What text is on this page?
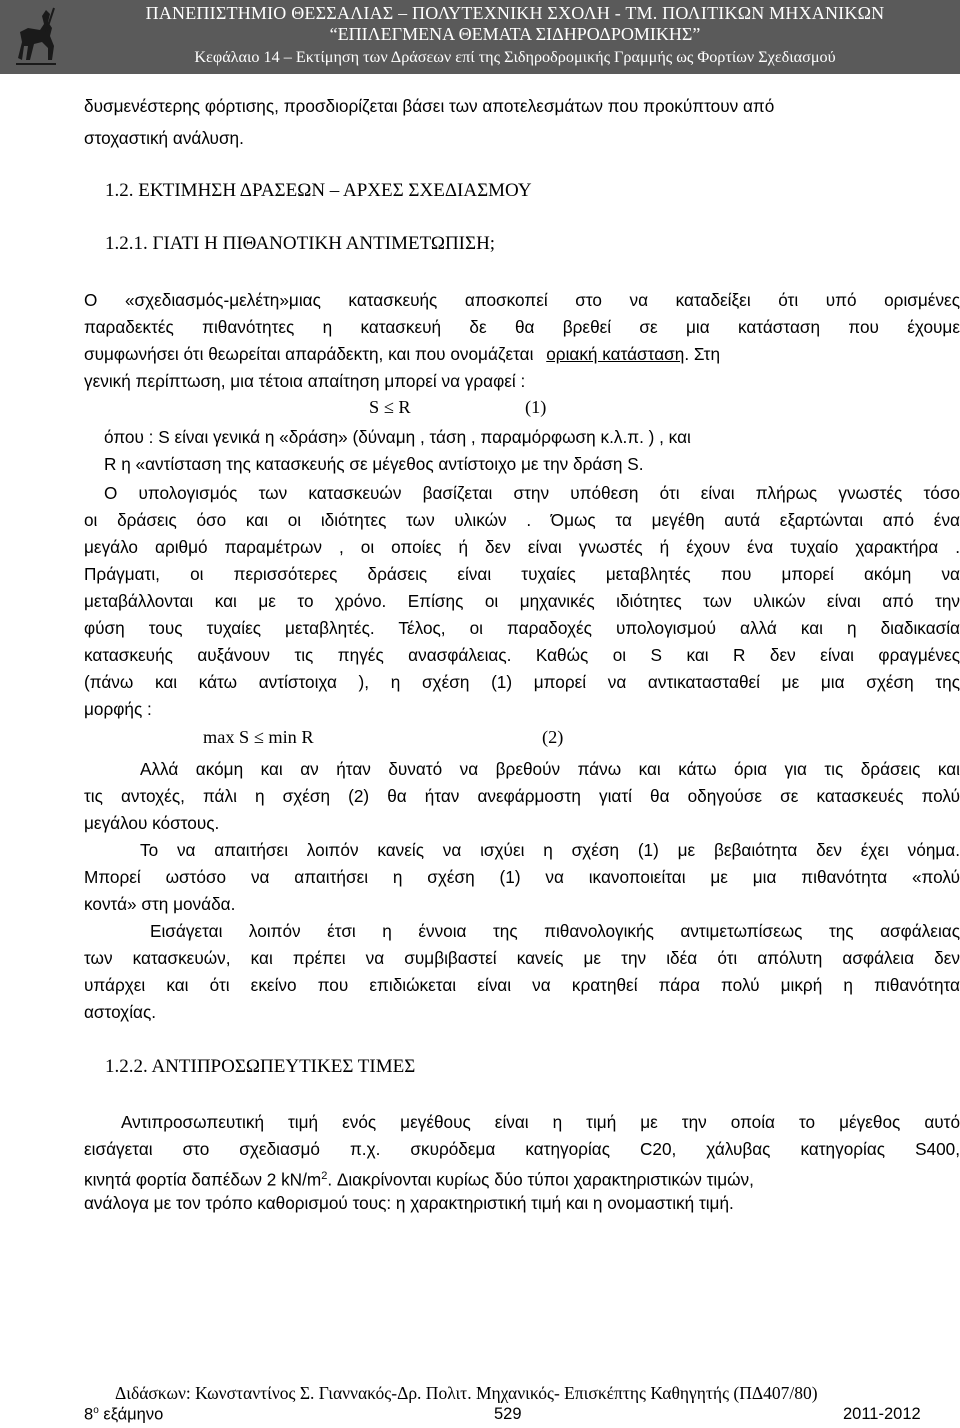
ΠΑΝΕΠΙΣΤΗΜΙΟ ΘΕΣΣΑΛΙΑΣ – ΠΟΛΥΤΕΧΝΙΚΗ ΣΧΟΛΗ - ΤΜ. ΠΟΛΙΤΙΚΩΝ ΜΗΧΑΝΙΚΩΝ
“ΕΠΙΛΕΓΜΕΝΑ ΘΕΜΑΤΑ ΣΙΔΗΡΟΔΡΟΜΙΚΗΣ”
Κεφάλαιο 14 – Εκτίμηση των Δράσεων επί της Σιδηροδρομικής Γραμμής ως Φορτίων Σχεδιασμού
δυσμενέστερης φόρτισης, προσδιορίζεται βάσει των αποτελεσμάτων που προκύπτουν από
στοχαστική ανάλυση.
1.2. ΕΚΤΙΜΗΣΗ ΔΡΑΣΕΩΝ – ΑΡΧΕΣ ΣΧΕΔΙΑΣΜΟΥ
1.2.1. ΓΙΑΤΙ Η ΠΙΘΑΝΟΤΙΚΗ ΑΝΤΙΜΕΤΩΠΙΣΗ;
Ο «σχεδιασμός-μελέτη»μιας κατασκευής αποσκοπεί στο να καταδείξει ότι υπό ορισμένες
παραδεκτές πιθανότητες η κατασκευή δε θα βρεθεί σε μια κατάσταση που έχουμε
συμφωνήσει ότι θεωρείται απαράδεκτη, και που ονομάζεται οριακή κατάσταση. Στη
γενική περίπτωση, μια τέτοια απαίτηση μπορεί να γραφεί :
S ≤ R	(1)
όπου : S είναι γενικά η «δράση» (δύναμη , τάση , παραμόρφωση κ.λ.π. ) , και
R η «αντίσταση της κατασκευής σε μέγεθος αντίστοιχο με την δράση S.
Ο υπολογισμός των κατασκευών βασίζεται στην υπόθεση ότι είναι πλήρως γνωστές τόσο
οι δράσεις όσο και οι ιδιότητες των υλικών . Όμως τα μεγέθη αυτά εξαρτώνται από ένα
μεγάλο αριθμό παραμέτρων , οι οποίες ή δεν είναι γνωστές ή έχουν ένα τυχαίο χαρακτήρα .
Πράγματι, οι περισσότερες δράσεις είναι τυχαίες μεταβλητές που μπορεί ακόμη να
μεταβάλλονται και με το χρόνο. Επίσης οι μηχανικές ιδιότητες των υλικών είναι από την
φύση τους τυχαίες μεταβλητές. Τέλος, οι παραδοχές υπολογισμού αλλά και η διαδικασία
κατασκευής αυξάνουν τις πηγές ανασφάλειας. Καθώς οι S και R δεν είναι φραγμένες
(πάνω και κάτω αντίστοιχα ), η σχέση (1) μπορεί να αντικατασταθεί με μια σχέση της
μορφής :
max S ≤ min R	(2)
Αλλά ακόμη και αν ήταν δυνατό να βρεθούν πάνω και κάτω όρια για τις δράσεις και
τις αντοχές, πάλι η σχέση (2) θα ήταν ανεφάρμοστη γιατί θα οδηγούσε σε κατασκευές πολύ
μεγάλου κόστους.
Το να απαιτήσει λοιπόν κανείς να ισχύει η σχέση (1) με βεβαιότητα δεν έχει νόημα.
Μπορεί ωστόσο να απαιτήσει η σχέση (1) να ικανοποιείται με μια πιθανότητα «πολύ
κοντά» στη μονάδα.
Εισάγεται λοιπόν έτσι η έννοια της πιθανολογικής αντιμετωπίσεως της ασφάλειας
των κατασκευών, και πρέπει να συμβιβαστεί κανείς με την ιδέα ότι απόλυτη ασφάλεια δεν
υπάρχει και ότι εκείνο που επιδιώκεται είναι να κρατηθεί πάρα πολύ μικρή η πιθανότητα
αστοχίας.
1.2.2. ΑΝΤΙΠΡΟΣΩΠΕΥΤΙΚΕΣ ΤΙΜΕΣ
Αντιπροσωπευτική τιμή ενός μεγέθους είναι η τιμή με την οποία το μέγεθος αυτό
εισάγεται στο σχεδιασμό π.χ. σκυρόδεμα κατηγορίας C20, χάλυβας κατηγορίας S400,
κινητά φορτία δαπέδων 2 $kN/m^2$. Διακρίνονται κυρίως δύο τύποι χαρακτηριστικών τιμών,
ανάλογα με τον τρόπο καθορισμού τους: η χαρακτηριστική τιμή και η ονομαστική τιμή.
Διδάσκων: Κωνσταντίνος Σ. Γιαννακός-Δρ. Πολιτ. Μηχανικός- Επισκέπτης Καθηγητής (ΠΔ407/80)
$8^o$ εξάμηνο	529	2011-2012
